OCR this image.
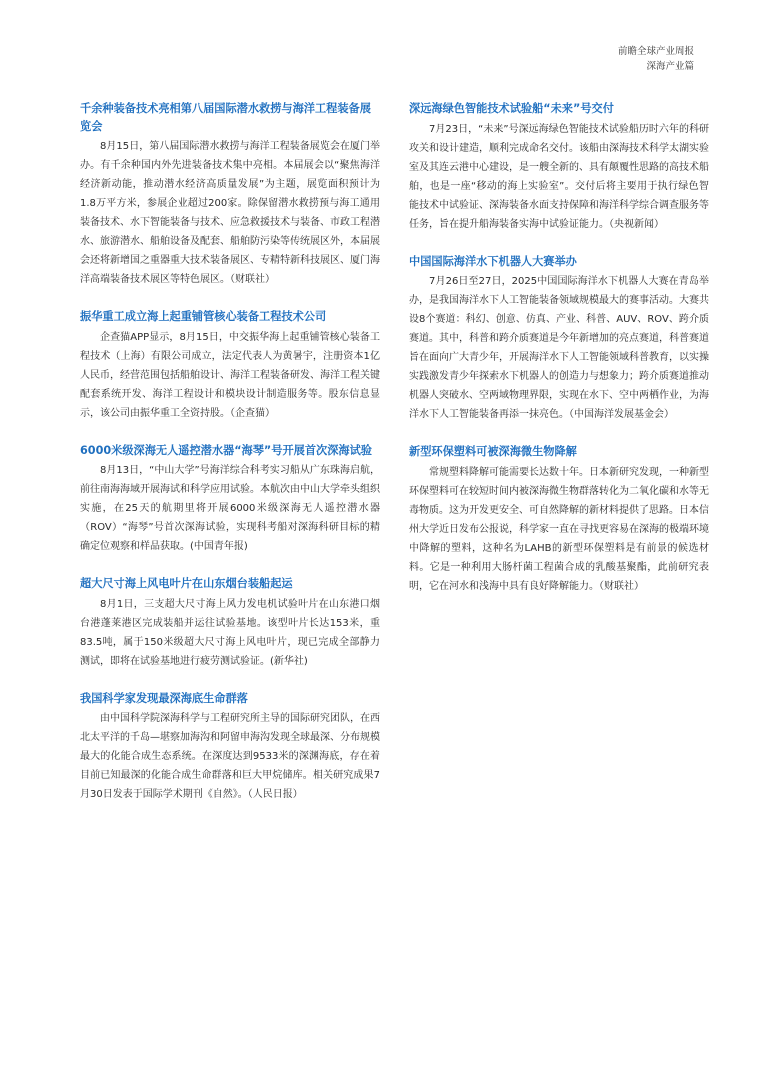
前瞻全球产业周报
深海产业篇
千余种装备技术亮相第八届国际潜水救捞与海洋工程装备展览会

8月15日，第八届国际潜水救捞与海洋工程装备展览会在厦门举办。有千余种国内外先进装备技术集中亮相。本届展会以“聚焦海洋经济新动能，推动潜水经济高质量发展”为主题，展览面积预计为1.8万平方米，参展企业超过200家。除保留潜水救捞预与海工通用装备技术、水下智能装备与技术、应急救援技术与装备、市政工程潜水、旅游潜水、船舶设备及配套、船舶防污染等传统展区外，本届展会还将新增国之重器重大技术装备展区、专精特新科技展区、厦门海洋高端装备技术展区等特色展区。（财联社）

振华重工成立海上起重铺管核心装备工程技术公司

企查猫APP显示，8月15日，中交振华海上起重铺管核心装备工程技术（上海）有限公司成立，法定代表人为黄暑宇，注册资本1亿人民币，经营范围包括船舶设计、海洋工程装备研发、海洋工程关键配套系统开发、海洋工程设计和模块设计制造服务等。股东信息显示，该公司由振华重工全资持股。（企查猫）

6000米级深海无人遥控潜水器“海琴”号开展首次深海试验

8月13日，“中山大学”号海洋综合科考实习船从广东珠海启航，前往南海海域开展海试和科学应用试验。本航次由中山大学牵头组织实施，在25天的航期里将开展6000米级深海无人遥控潜水器（ROV）“海琴”号首次深海试验，实现科考船对深海科研目标的精确定位观察和样品获取。(中国青年报)

超大尺寸海上风电叶片在山东烟台装船起运

8月1日，三支超大尺寸海上风力发电机试验叶片在山东港口烟台港蓬莱港区完成装船并运往试验基地。该型叶片长达153米，重83.5吨，属于150米级超大尺寸海上风电叶片，现已完成全部静力测试，即将在试验基地进行疲劳测试验证。(新华社)

我国科学家发现最深海底生命群落

由中国科学院深海科学与工程研究所主导的国际研究团队，在西北太平洋的千岛—堪察加海沟和阿留申海沟发现全球最深、分布规模最大的化能合成生态系统。在深度达到9533米的深渊海底，存在着目前已知最深的化能合成生命群落和巨大甲烷储库。相关研究成果7月30日发表于国际学术期刊《自然》。（人民日报）

深远海绿色智能技术试验船“未来”号交付

7月23日，“未来”号深远海绿色智能技术试验船历时六年的科研攻关和设计建造，顺利完成命名交付。该船由深海技术科学太湖实验室及其连云港中心建设，是一艘全新的、具有颠覆性思路的高技术船舶，也是一座“移动的海上实验室”。交付后将主要用于执行绿色智能技术中试验证、深海装备水面支持保障和海洋科学综合调查服务等任务，旨在提升船海装备实海中试验证能力。（央视新闻）

中国国际海洋水下机器人大赛举办

7月26日至27日，2025中国国际海洋水下机器人大赛在青岛举办，是我国海洋水下人工智能装备领域规模最大的赛事活动。大赛共设8个赛道：科幻、创意、仿真、产业、科普、AUV、ROV、跨介质赛道。其中，科普和跨介质赛道是今年新增加的亮点赛道，科普赛道旨在面向广大青少年，开展海洋水下人工智能领域科普教育，以实操实践激发青少年探索水下机器人的创造力与想象力；跨介质赛道推动机器人突破水、空两域物理界限，实现在水下、空中两栖作业，为海洋水下人工智能装备再添一抹亮色。（中国海洋发展基金会）

新型环保塑料可被深海微生物降解

常规塑料降解可能需要长达数十年。日本新研究发现，一种新型环保塑料可在较短时间内被深海微生物群落转化为二氧化碳和水等无毒物质。这为开发更安全、可自然降解的新材料提供了思路。日本信州大学近日发布公报说，科学家一直在寻找更容易在深海的极端环境中降解的塑料，这种名为LAHB的新型环保塑料是有前景的候选材料。它是一种利用大肠杆菌工程菌合成的乳酸基聚酯，此前研究表明，它在河水和浅海中具有良好降解能力。（财联社）
